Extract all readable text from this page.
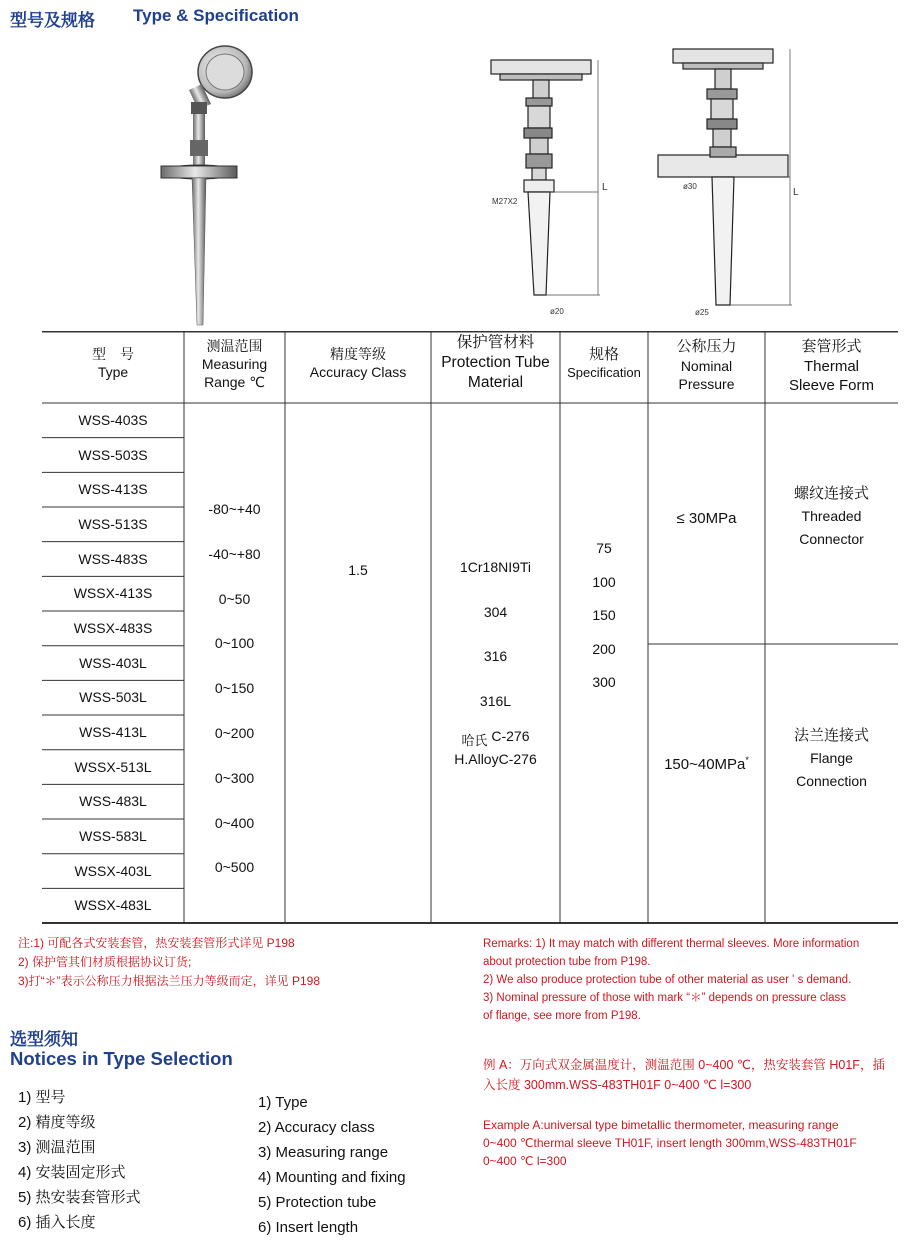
型号及规格 Type & Specification
L
M27X2
ø20
L
ø30
ø25
型　号
Type
测温范围
Measuring
Range ℃
精度等级
Accuracy Class
保护管材料
Protection Tube
Material
规格
Specification
公称压力
Nominal
Pressure
套管形式
Thermal
Sleeve Form
WSS-403S
WSS-503S
WSS-413S
WSS-513S
WSS-483S
WSSX-413S
WSSX-483S
WSS-403L
WSS-503L
WSS-413L
WSSX-513L
WSS-483L
WSS-583L
WSSX-403L
WSSX-483L
-80~+40
-40~+80
0~50
0~100
0~150
0~200
0~300
0~400
0~500
1.5	1Cr18NI9Ti
304
316
316L
哈氏 C-276
H.AlloyC-276
75
100
150
200
300
≤ 30MPa
150~40MPa*
螺纹连接式
Threaded
Connector
法兰连接式
Flange
Connection
注:1) 可配各式安装套管，热安装套管形式详见 P198
2) 保护管其们材质根据协议订货;
3)打“＊”表示公称压力根据法兰压力等级而定，详见 P198
Remarks: 1) It may match with different thermal sleeves. More information
about protection tube from P198.
2) We also produce protection tube of other material as user ' s demand.
3) Nominal pressure of those with mark “＊” depends on pressure class
of flange, see more from P198.
选型须知
Notices in Type Selection
1) 型号
2) 精度等级
3) 测温范围
4) 安装固定形式
5) 热安装套管形式
6) 插入长度
1) Type
2) Accuracy class
3) Measuring range
4) Mounting and fixing
5) Protection tube
6) Insert length
例 A：万向式双金属温度计，测温范围 0~400 ℃，热安装套管 H01F，插
入长度 300mm.WSS-483TH01F 0~400 ℃ l=300
Example A:universal type bimetallic thermometer, measuring range
0~400 ℃thermal sleeve TH01F, insert length 300mm,WSS-483TH01F
0~400 ℃ l=300
